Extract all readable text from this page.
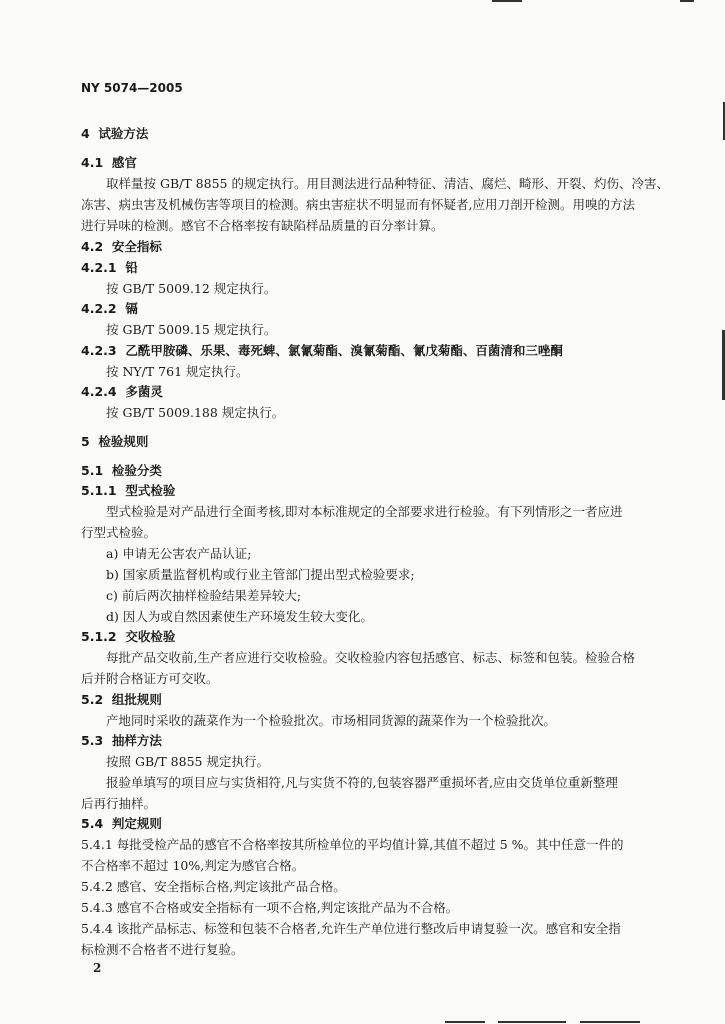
NY 5074—2005
4 试验方法
4.1 感官
取样量按 GB/T 8855 的规定执行。用目测法进行品种特征、清洁、腐烂、畸形、开裂、灼伤、冷害、
冻害、病虫害及机械伤害等项目的检测。病虫害症状不明显而有怀疑者,应用刀剖开检测。用嗅的方法
进行异味的检测。感官不合格率按有缺陷样品质量的百分率计算。
4.2 安全指标
4.2.1 铅
按 GB/T 5009.12 规定执行。
4.2.2 镉
按 GB/T 5009.15 规定执行。
4.2.3 乙酰甲胺磷、乐果、毒死蜱、氯氰菊酯、溴氰菊酯、氰戊菊酯、百菌清和三唑酮
按 NY/T 761 规定执行。
4.2.4 多菌灵
按 GB/T 5009.188 规定执行。
5 检验规则
5.1 检验分类
5.1.1 型式检验
型式检验是对产品进行全面考核,即对本标准规定的全部要求进行检验。有下列情形之一者应进
行型式检验。
a) 申请无公害农产品认证;
b) 国家质量监督机构或行业主管部门提出型式检验要求;
c) 前后两次抽样检验结果差异较大;
d) 因人为或自然因素使生产环境发生较大变化。
5.1.2 交收检验
每批产品交收前,生产者应进行交收检验。交收检验内容包括感官、标志、标签和包装。检验合格
后并附合格证方可交收。
5.2 组批规则
产地同时采收的蔬菜作为一个检验批次。市场相同货源的蔬菜作为一个检验批次。
5.3 抽样方法
按照 GB/T 8855 规定执行。
报验单填写的项目应与实货相符,凡与实货不符的,包装容器严重损坏者,应由交货单位重新整理
后再行抽样。
5.4 判定规则
5.4.1 每批受检产品的感官不合格率按其所检单位的平均值计算,其值不超过 5 %。其中任意一件的
不合格率不超过 10%,判定为感官合格。
5.4.2 感官、安全指标合格,判定该批产品合格。
5.4.3 感官不合格或安全指标有一项不合格,判定该批产品为不合格。
5.4.4 该批产品标志、标签和包装不合格者,允许生产单位进行整改后申请复验一次。感官和安全指
标检测不合格者不进行复验。
2
